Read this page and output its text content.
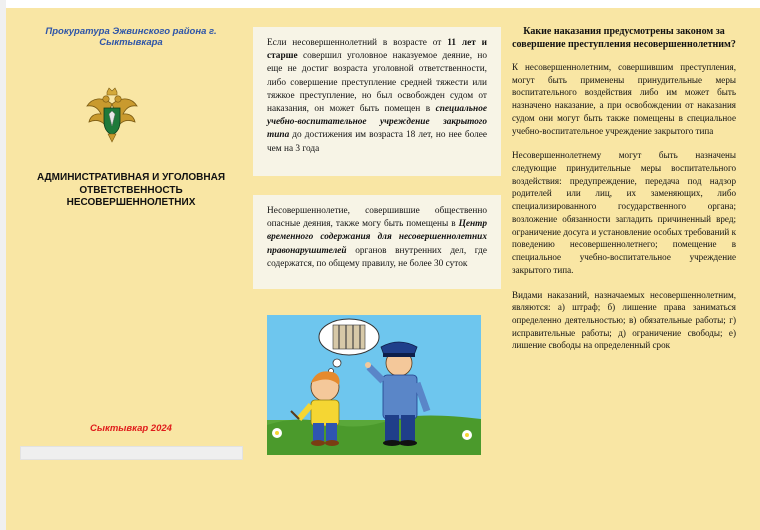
Прокуратура Эжвинского района г. Сыктывкара
АДМИНИСТРАТИВНАЯ И УГОЛОВНАЯ ОТВЕТСТВЕННОСТЬ НЕСОВЕРШЕННОЛЕТНИХ
Сыктывкар 2024
Если несовершеннолетний в возрасте от 11 лет и старше совершил уголовное наказуемое деяние, но еще не достиг возраста уголовной ответственности, либо совершение преступление средней тяжести или тяжкое преступление, но был освобожден судом от наказания, он может быть помещен в специальное учебно-воспитательное учреждение закрытого типа до достижения им возраста 18 лет, но нее более чем на 3 года
Несовершеннолетие, совершившие общественно опасные деяния, также могу быть помещены в Центр временного содержания для несовершеннолетних правонарушителей органов внутренних дел, где содержатся, по общему правилу, не более 30 суток
Какие наказания предусмотрены законом за совершение преступления несовершеннолетним?

К несовершеннолетним, совершившим преступления, могут быть применены принудительные меры воспитательного воздействия либо им может быть назначено наказание, а при освобождении от наказания судом они могут быть также помещены в специальное учебно-воспитательное учреждение закрытого типа

Несовершеннолетнему могут быть назначены следующие принудительные меры воспитательного воздействия: предупреждение, передача под надзор родителей или лиц, их заменяющих, либо специализированного государственного органа; возложение обязанности загладить причиненный вред; ограничение досуга и установление особых требований к поведению несовершеннолетнего; помещение в специальное учебно-воспитательное учреждение закрытого типа.

Видами наказаний, назначаемых несовершеннолетним, являются: а) штраф; б) лишение права заниматься определенно деятельностью; в) обязательные работы; г) исправительные работы; д) ограничение свободы; е) лишение свободы на определенный срок
